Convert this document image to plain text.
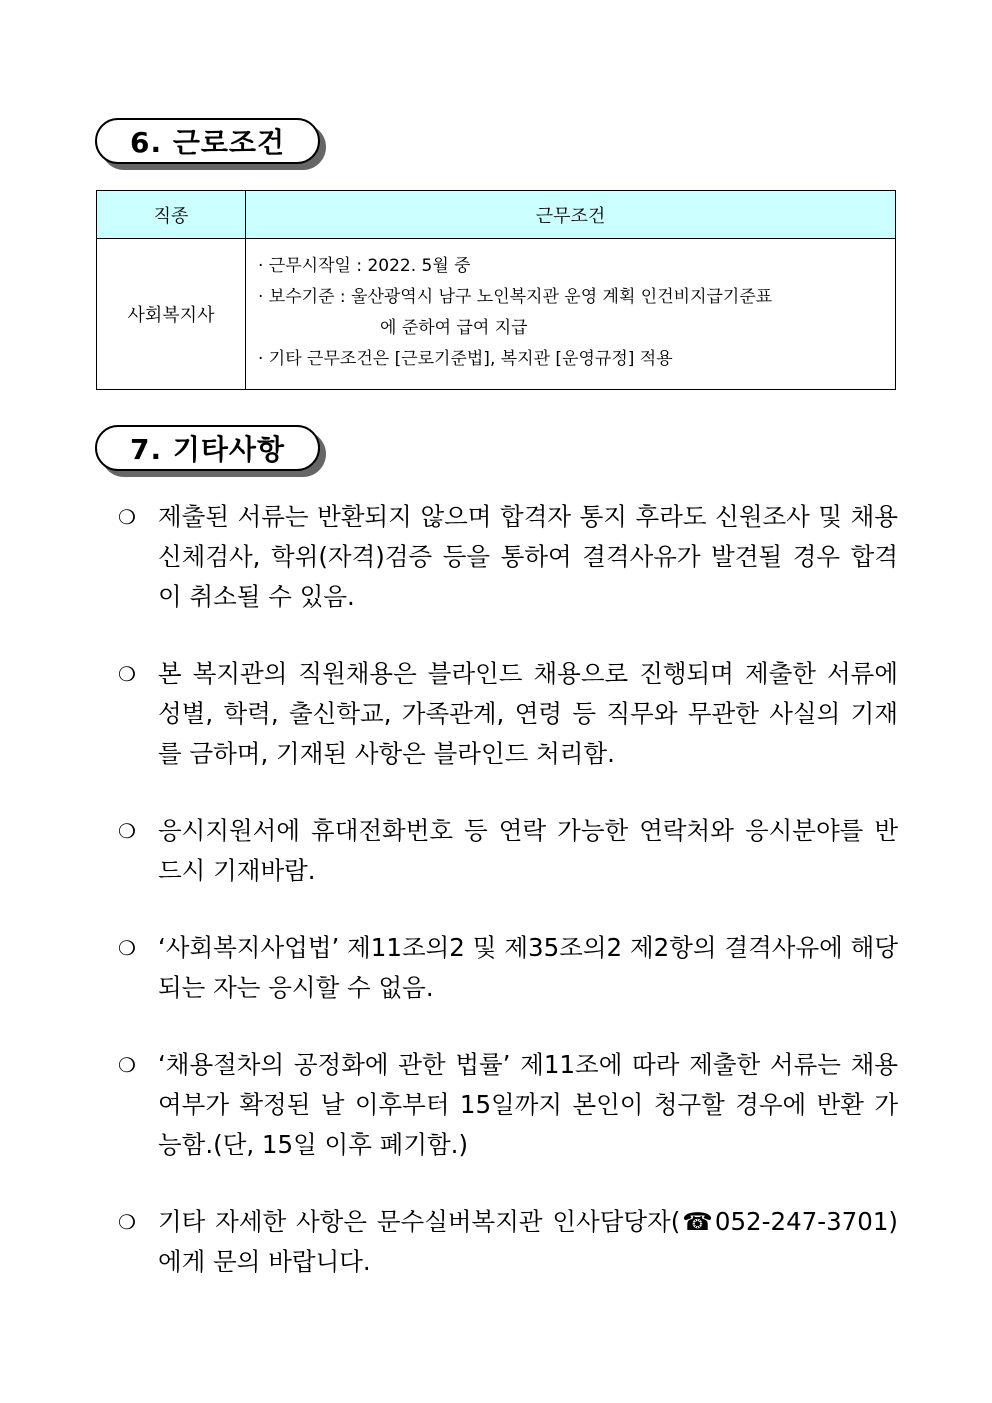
6. 근로조건
직종	근무조건
사회복지사	· 근무시작일 : 2022. 5월 중
· 보수기준 : 울산광역시 남구 노인복지관 운영 계획 인건비지급기준표
에 준하여 급여 지급
· 기타 근무조건은 [근로기준법], 복지관 [운영규정] 적용
7. 기타사항
❍ 제출된 서류는 반환되지 않으며 합격자 통지 후라도 신원조사 및 채용신체검사, 학위(자격)검증 등을 통하여 결격사유가 발견될 경우 합격이 취소될 수 있음.
❍ 본 복지관의 직원채용은 블라인드 채용으로 진행되며 제출한 서류에 성별, 학력, 출신학교, 가족관계, 연령 등 직무와 무관한 사실의 기재를 금하며, 기재된 사항은 블라인드 처리함.
❍ 응시지원서에 휴대전화번호 등 연락 가능한 연락처와 응시분야를 반드시 기재바람.
❍ ‘사회복지사업법’ 제11조의2 및 제35조의2 제2항의 결격사유에 해당되는 자는 응시할 수 없음.
❍ ‘채용절차의 공정화에 관한 법률’ 제11조에 따라 제출한 서류는 채용여부가 확정된 날 이후부터 15일까지 본인이 청구할 경우에 반환 가능함.(단, 15일 이후 폐기함.)
❍ 기타 자세한 사항은 문수실버복지관 인사담당자(☎052-247-3701)에게 문의 바랍니다.
